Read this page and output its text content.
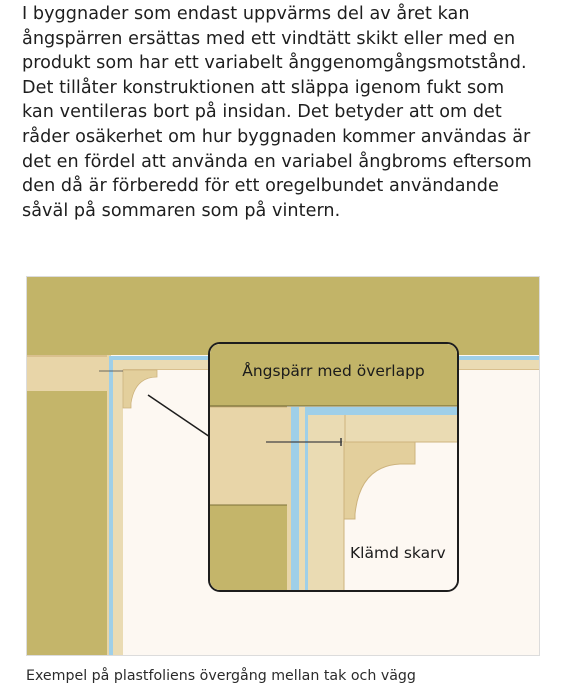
I byggnader som endast uppvärms del av året kan
ångspärren ersättas med ett vindtätt skikt eller med en
produkt som har ett variabelt ånggenomgångsmotstånd.
Det tillåter konstruktionen att släppa igenom fukt som
kan ventileras bort på insidan. Det betyder att om det
råder osäkerhet om hur byggnaden kommer användas är
det en fördel att använda en variabel ångbroms eftersom
den då är förberedd för ett oregelbundet användande
såväl på sommaren som på vintern.
Ångspärr med överlapp
Klämd skarv
Exempel på plastfoliens övergång mellan tak och vägg
